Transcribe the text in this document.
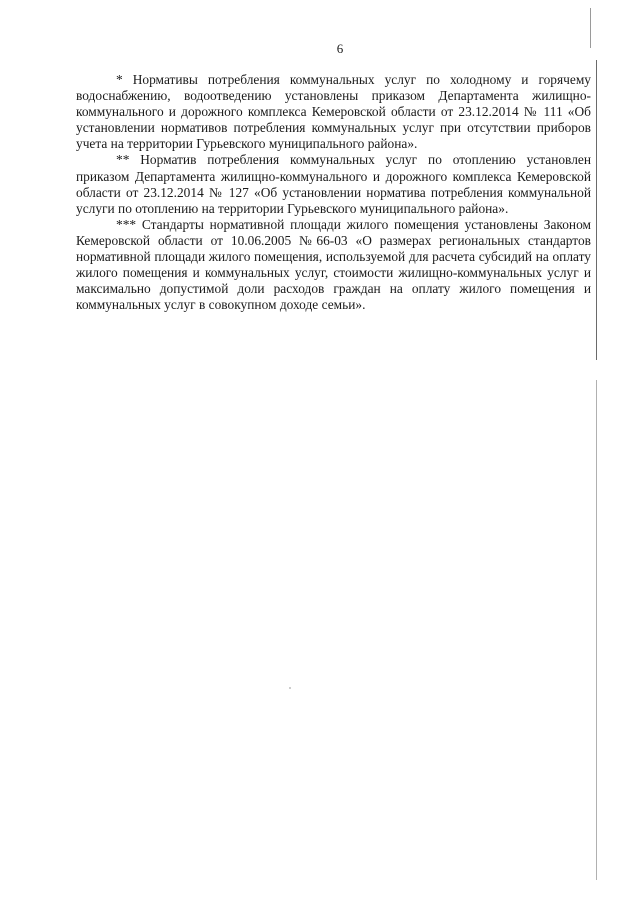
6

* Нормативы потребления коммунальных услуг по холодному и горячему водоснабжению, водоотведению установлены приказом Департамента жилищно-коммунального и дорожного комплекса Кемеровской области от 23.12.2014 № 111 «Об установлении нормативов потребления коммунальных услуг при отсутствии приборов учета на территории Гурьевского муниципального района».

** Норматив потребления коммунальных услуг по отоплению установлен приказом Департамента жилищно-коммунального и дорожного комплекса Кемеровской области от 23.12.2014 № 127 «Об установлении норматива потребления коммунальной услуги по отоплению на территории Гурьевского муниципального района».

*** Стандарты нормативной площади жилого помещения установлены Законом Кемеровской области от 10.06.2005 №66-03 «О размерах региональных стандартов нормативной площади жилого помещения, используемой для расчета субсидий на оплату жилого помещения и коммунальных услуг, стоимости жилищно-коммунальных услуг и максимально допустимой доли расходов граждан на оплату жилого помещения и коммунальных услуг в совокупном доходе семьи».
